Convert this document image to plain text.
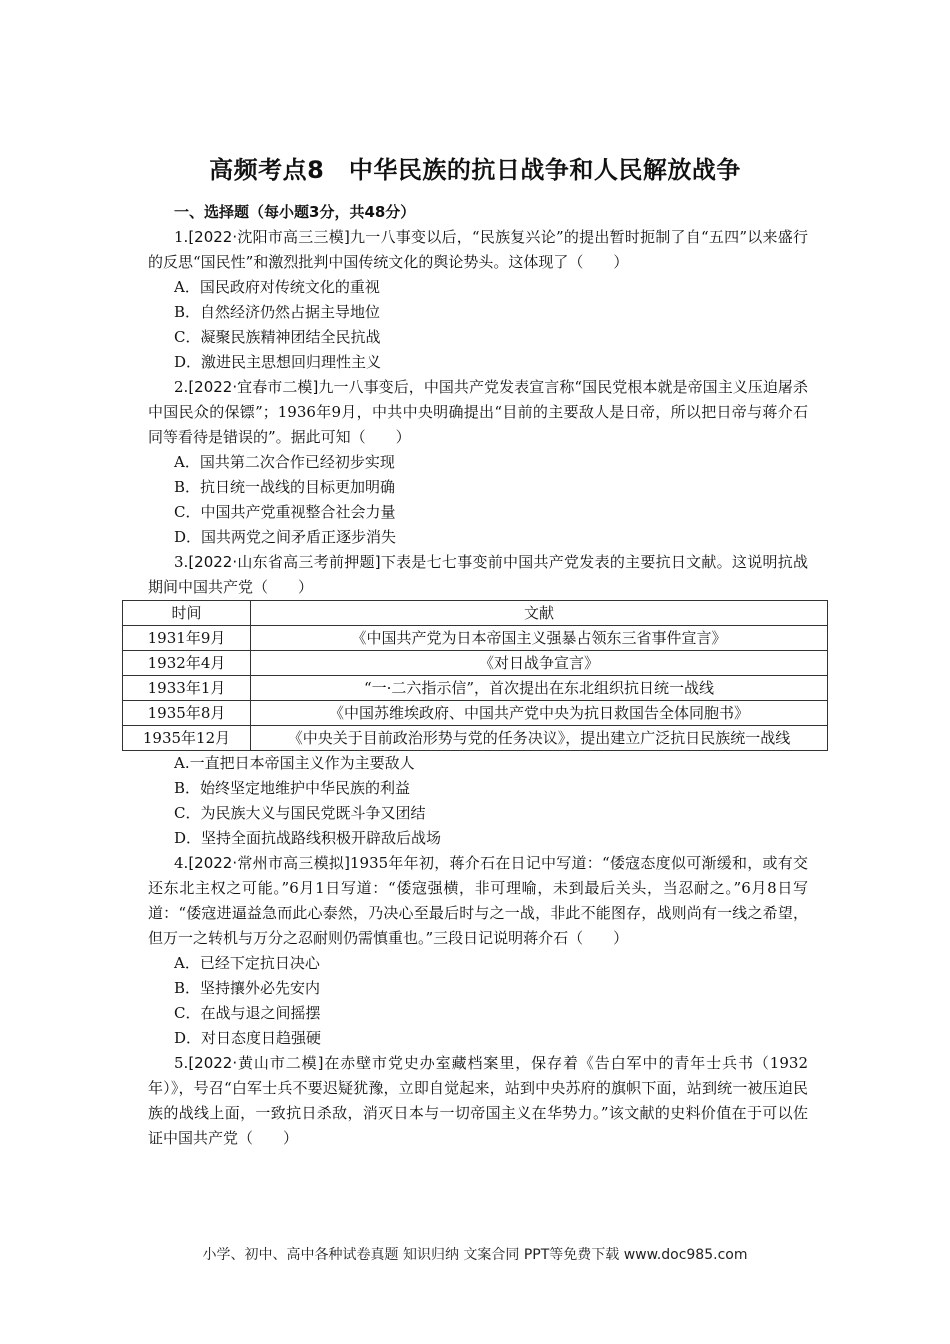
高频考点8　中华民族的抗日战争和人民解放战争
一、选择题（每小题3分，共48分）

1.[2022·沈阳市高三三模]九一八事变以后，“民族复兴论”的提出暂时扼制了自“五四”以来盛行的反思“国民性”和激烈批判中国传统文化的舆论势头。这体现了（　　）

A．国民政府对传统文化的重视

B．自然经济仍然占据主导地位

C．凝聚民族精神团结全民抗战

D．激进民主思想回归理性主义

2.[2022·宜春市二模]九一八事变后，中国共产党发表宣言称“国民党根本就是帝国主义压迫屠杀中国民众的保镖”；1936年9月，中共中央明确提出“目前的主要敌人是日帝，所以把日帝与蒋介石同等看待是错误的”。据此可知（　　）

A．国共第二次合作已经初步实现

B．抗日统一战线的目标更加明确

C．中国共产党重视整合社会力量

D．国共两党之间矛盾正逐步消失

3.[2022·山东省高三考前押题]下表是七七事变前中国共产党发表的主要抗日文献。这说明抗战期间中国共产党（　　）

时间	文献
1931年9月	《中国共产党为日本帝国主义强暴占领东三省事件宣言》
1932年4月	《对日战争宣言》
1933年1月	“一·二六指示信”，首次提出在东北组织抗日统一战线
1935年8月	《中国苏维埃政府、中国共产党中央为抗日救国告全体同胞书》
1935年12月	《中央关于目前政治形势与党的任务决议》，提出建立广泛抗日民族统一战线

A.一直把日本帝国主义作为主要敌人

B．始终坚定地维护中华民族的利益

C．为民族大义与国民党既斗争又团结

D．坚持全面抗战路线积极开辟敌后战场

4.[2022·常州市高三模拟]1935年年初，蒋介石在日记中写道：“倭寇态度似可渐缓和，或有交还东北主权之可能。”6月1日写道：“倭寇强横，非可理喻，未到最后关头，当忍耐之。”6月8日写道：“倭寇进逼益急而此心泰然，乃决心至最后时与之一战，非此不能图存，战则尚有一线之希望，但万一之转机与万分之忍耐则仍需慎重也。”三段日记说明蒋介石（　　）

A．已经下定抗日决心

B．坚持攘外必先安内

C．在战与退之间摇摆

D．对日态度日趋强硬

5.[2022·黄山市二模]在赤壁市党史办室藏档案里，保存着《告白军中的青年士兵书（1932年）》，号召“白军士兵不要迟疑犹豫，立即自觉起来，站到中央苏府的旗帜下面，站到统一被压迫民族的战线上面，一致抗日杀敌，消灭日本与一切帝国主义在华势力。”该文献的史料价值在于可以佐证中国共产党（　　）

小学、初中、高中各种试卷真题 知识归纳 文案合同 PPT等免费下载 www.doc985.com
